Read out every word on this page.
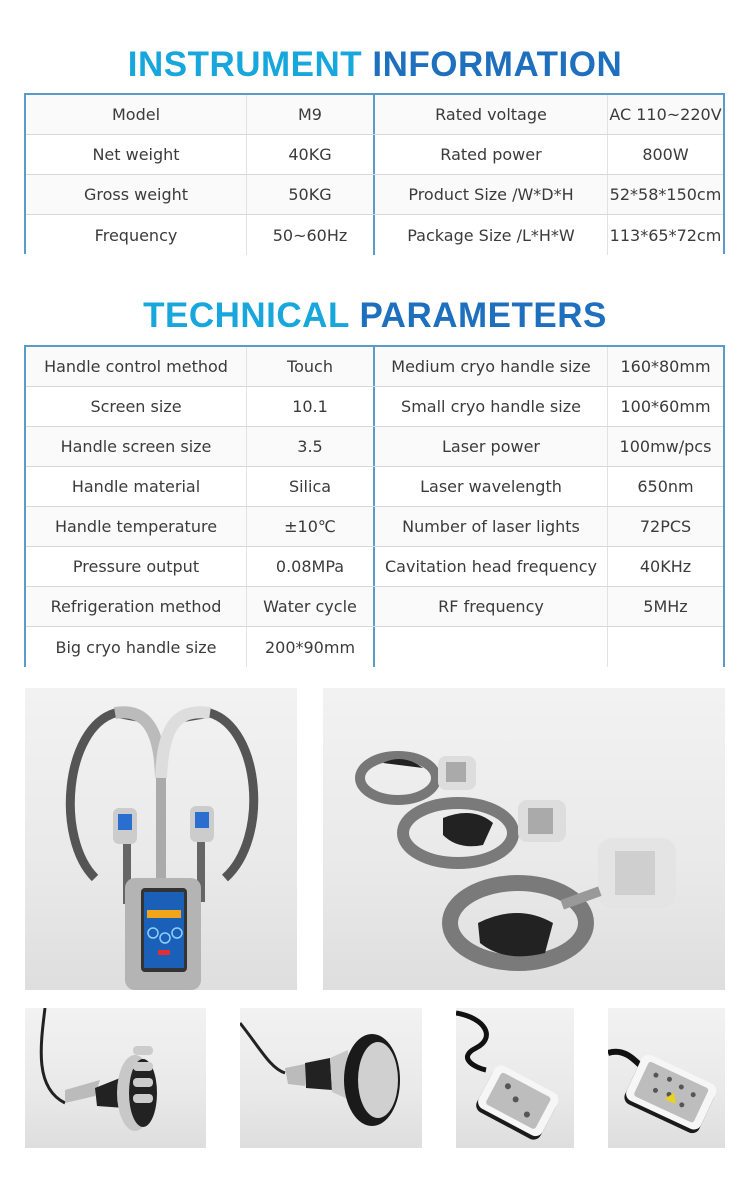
INSTRUMENT INFORMATION
Model	M9	Rated voltage	AC 110~220V
Net weight	40KG	Rated power	800W
Gross weight	50KG	Product Size /W*D*H	52*58*150cm
Frequency	50~60Hz	Package Size /L*H*W	113*65*72cm
TECHNICAL PARAMETERS
Handle control method	Touch	Medium cryo handle size	160*80mm
Screen size	10.1	Small cryo handle size	100*60mm
Handle screen size	3.5	Laser power	100mw/pcs
Handle material	Silica	Laser wavelength	650nm
Handle temperature	±10℃	Number of laser lights	72PCS
Pressure output	0.08MPa	Cavitation head frequency	40KHz
Refrigeration method	Water cycle	RF frequency	5MHz
Big cryo handle size	200*90mm
